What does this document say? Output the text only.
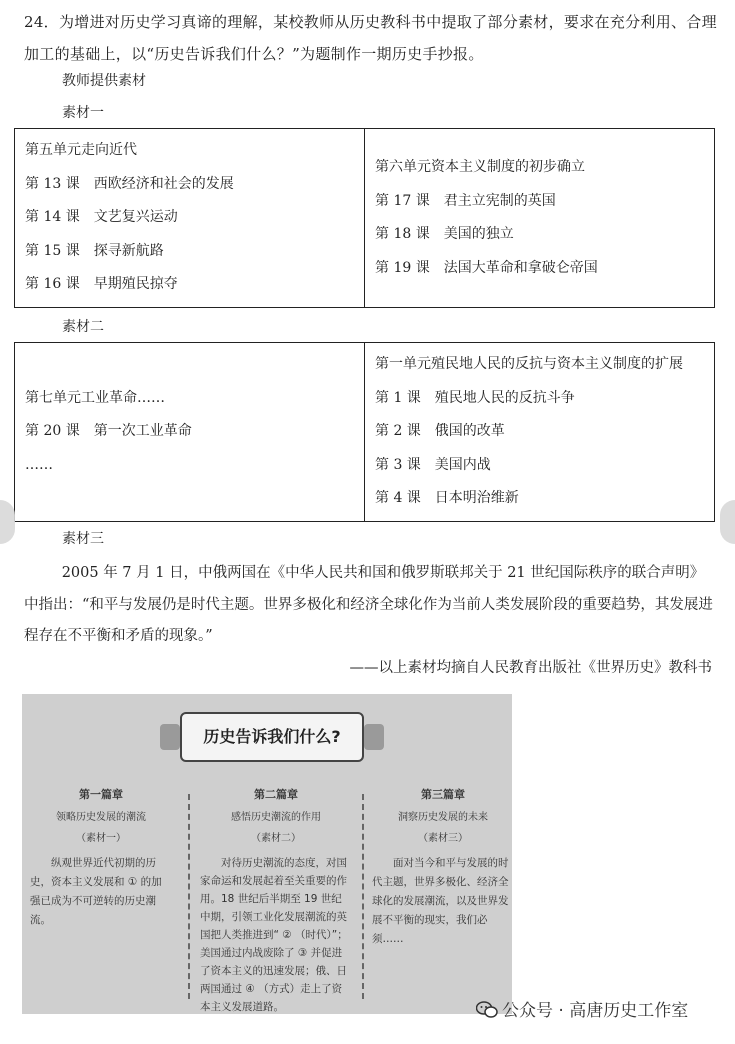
24．为增进对历史学习真谛的理解，某校教师从历史教科书中提取了部分素材，要求在充分利用、合理加工的基础上，以“历史告诉我们什么？”为题制作一期历史手抄报。
教师提供素材
素材一
第五单元走向近代
第 13 课　西欧经济和社会的发展
第 14 课　文艺复兴运动
第 15 课　探寻新航路
第 16 课　早期殖民掠夺

第六单元资本主义制度的初步确立
第 17 课　君主立宪制的英国
第 18 课　美国的独立
第 19 课　法国大革命和拿破仑帝国
素材二
第七单元工业革命……
第 20 课　第一次工业革命
……

第一单元殖民地人民的反抗与资本主义制度的扩展
第 1 课　殖民地人民的反抗斗争
第 2 课　俄国的改革
第 3 课　美国内战
第 4 课　日本明治维新
素材三

2005 年 7 月 1 日，中俄两国在《中华人民共和国和俄罗斯联邦关于 21 世纪国际秩序的联合声明》中指出：“和平与发展仍是时代主题。世界多极化和经济全球化作为当前人类发展阶段的重要趋势，其发展进程存在不平衡和矛盾的现象。”

——以上素材均摘自人民教育出版社《世界历史》教科书

历史告诉我们什么?
第一篇章
领略历史发展的潮流
（素材一）
纵观世界近代初期的历史，资本主义发展和 ① 的加强已成为不可逆转的历史潮流。
第二篇章
感悟历史潮流的作用
（素材二）
对待历史潮流的态度，对国家命运和发展起着至关重要的作用。18 世纪后半期至 19 世纪中期，引领工业化发展潮流的英国把人类推进到“ ② （时代）”；美国通过内战废除了 ③ 并促进了资本主义的迅速发展；俄、日两国通过 ④ （方式）走上了资本主义发展道路。
第三篇章
洞察历史发展的未来
（素材三）
面对当今和平与发展的时代主题，世界多极化、经济全球化的发展潮流，以及世界发展不平衡的现实，我们必须……
公众号 · 高唐历史工作室
